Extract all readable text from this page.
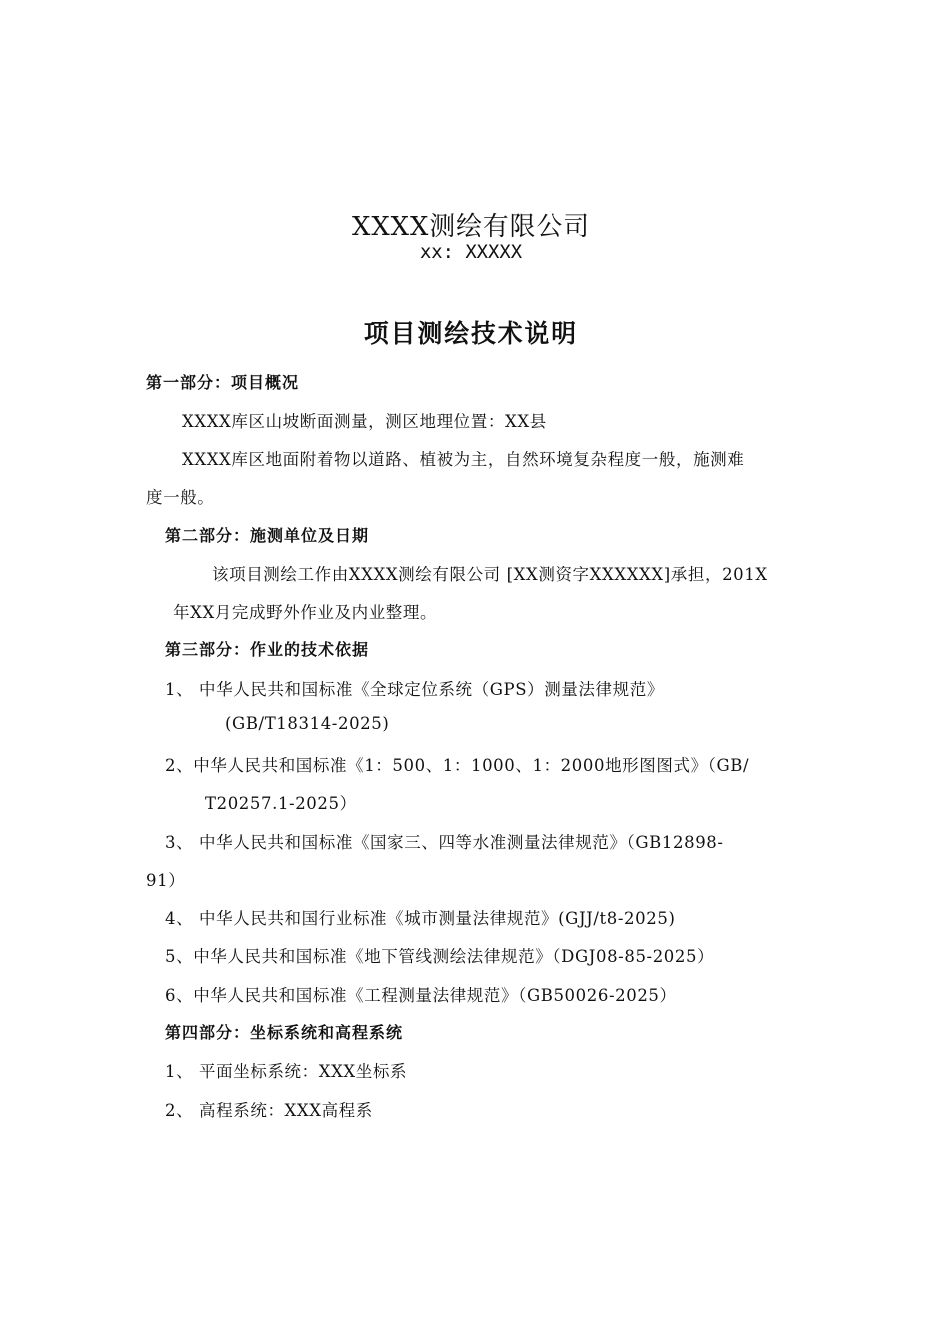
XXXX测绘有限公司
xx: XXXXX
项目测绘技术说明
第一部分：项目概况
XXXX库区山坡断面测量，测区地理位置：XX县
XXXX库区地面附着物以道路、植被为主，自然环境复杂程度一般，施测难
度一般。
第二部分：施测单位及日期
该项目测绘工作由XXXX测绘有限公司 [XX测资字XXXXXX]承担，201X
年XX月完成野外作业及内业整理。
第三部分：作业的技术依据
1、 中华人民共和国标准《全球定位系统（GPS）测量法律规范》
(GB/T18314-2025)
2、中华人民共和国标准《1：500、1：1000、1：2000地形图图式》（GB/
T20257.1-2025）
3、 中华人民共和国标准《国家三、四等水准测量法律规范》（GB12898-
91）
4、 中华人民共和国行业标准《城市测量法律规范》(GJJ/t8-2025)
5、中华人民共和国标准《地下管线测绘法律规范》（DGJ08-85-2025）
6、中华人民共和国标准《工程测量法律规范》（GB50026-2025）
第四部分：坐标系统和高程系统
1、 平面坐标系统：XXX坐标系
2、 高程系统：XXX高程系
